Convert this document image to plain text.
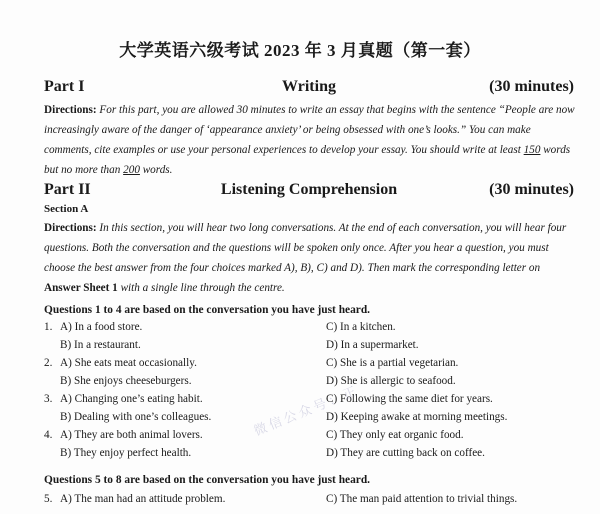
大学英语六级考试 2023 年 3 月真题（第一套）
Part I	Writing	(30 minutes)
Directions: For this part, you are allowed 30 minutes to write an essay that begins with the sentence “People are now increasingly aware of the danger of ‘appearance anxiety’ or being obsessed with one’s looks.” You can make comments, cite examples or use your personal experiences to develop your essay. You should write at least 150 words but no more than 200 words.
Part II	Listening Comprehension	(30 minutes)
Section A
Directions: In this section, you will hear two long conversations. At the end of each conversation, you will hear four questions. Both the conversation and the questions will be spoken only once. After you hear a question, you must choose the best answer from the four choices marked A), B), C) and D). Then mark the corresponding letter on Answer Sheet 1 with a single line through the centre.
Questions 1 to 4 are based on the conversation you have just heard.
1. A) In a food store.	C) In a kitchen.
B) In a restaurant.	D) In a supermarket.
2. A) She eats meat occasionally.	C) She is a partial vegetarian.
B) She enjoys cheeseburgers.	D) She is allergic to seafood.
3. A) Changing one’s eating habit.	C) Following the same diet for years.
B) Dealing with one’s colleagues.	D) Keeping awake at morning meetings.
4. A) They are both animal lovers.	C) They only eat organic food.
B) They enjoy perfect health.	D) They are cutting back on coffee.
Questions 5 to 8 are based on the conversation you have just heard.
5. A) The man had an attitude problem.	C) The man paid attention to trivial things.
微信公众号：正
